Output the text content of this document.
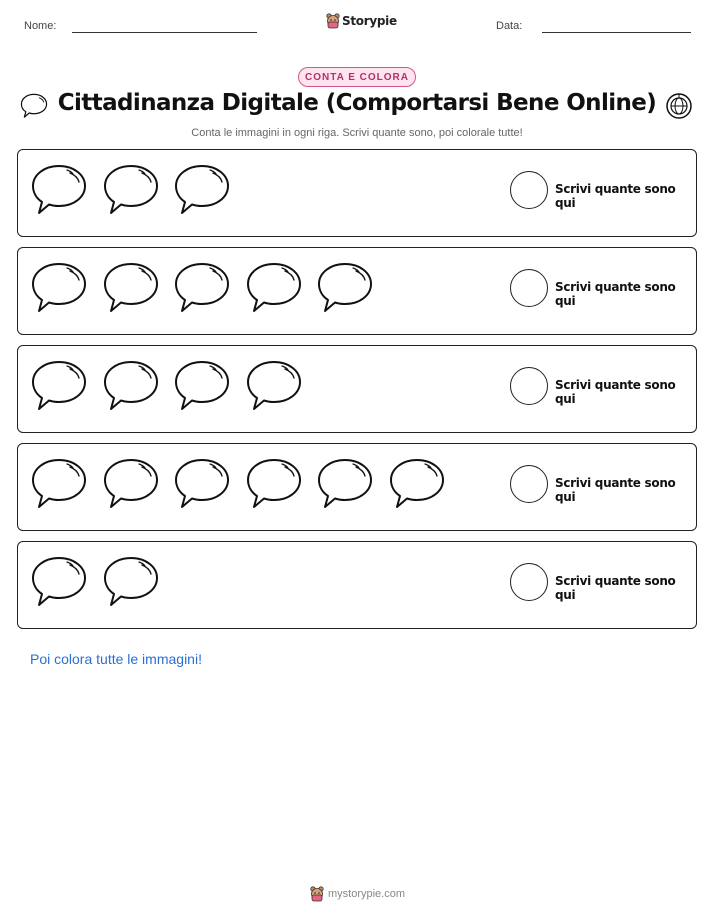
Nome:	Storypie	Data:
CONTA E COLORA
Cittadinanza Digitale (Comportarsi Bene Online)
Conta le immagini in ogni riga. Scrivi quante sono, poi colorale tutte!
Scrivi quante sono qui
Scrivi quante sono qui
Scrivi quante sono qui
Scrivi quante sono qui
Scrivi quante sono qui
Poi colora tutte le immagini!
mystorypie.com
